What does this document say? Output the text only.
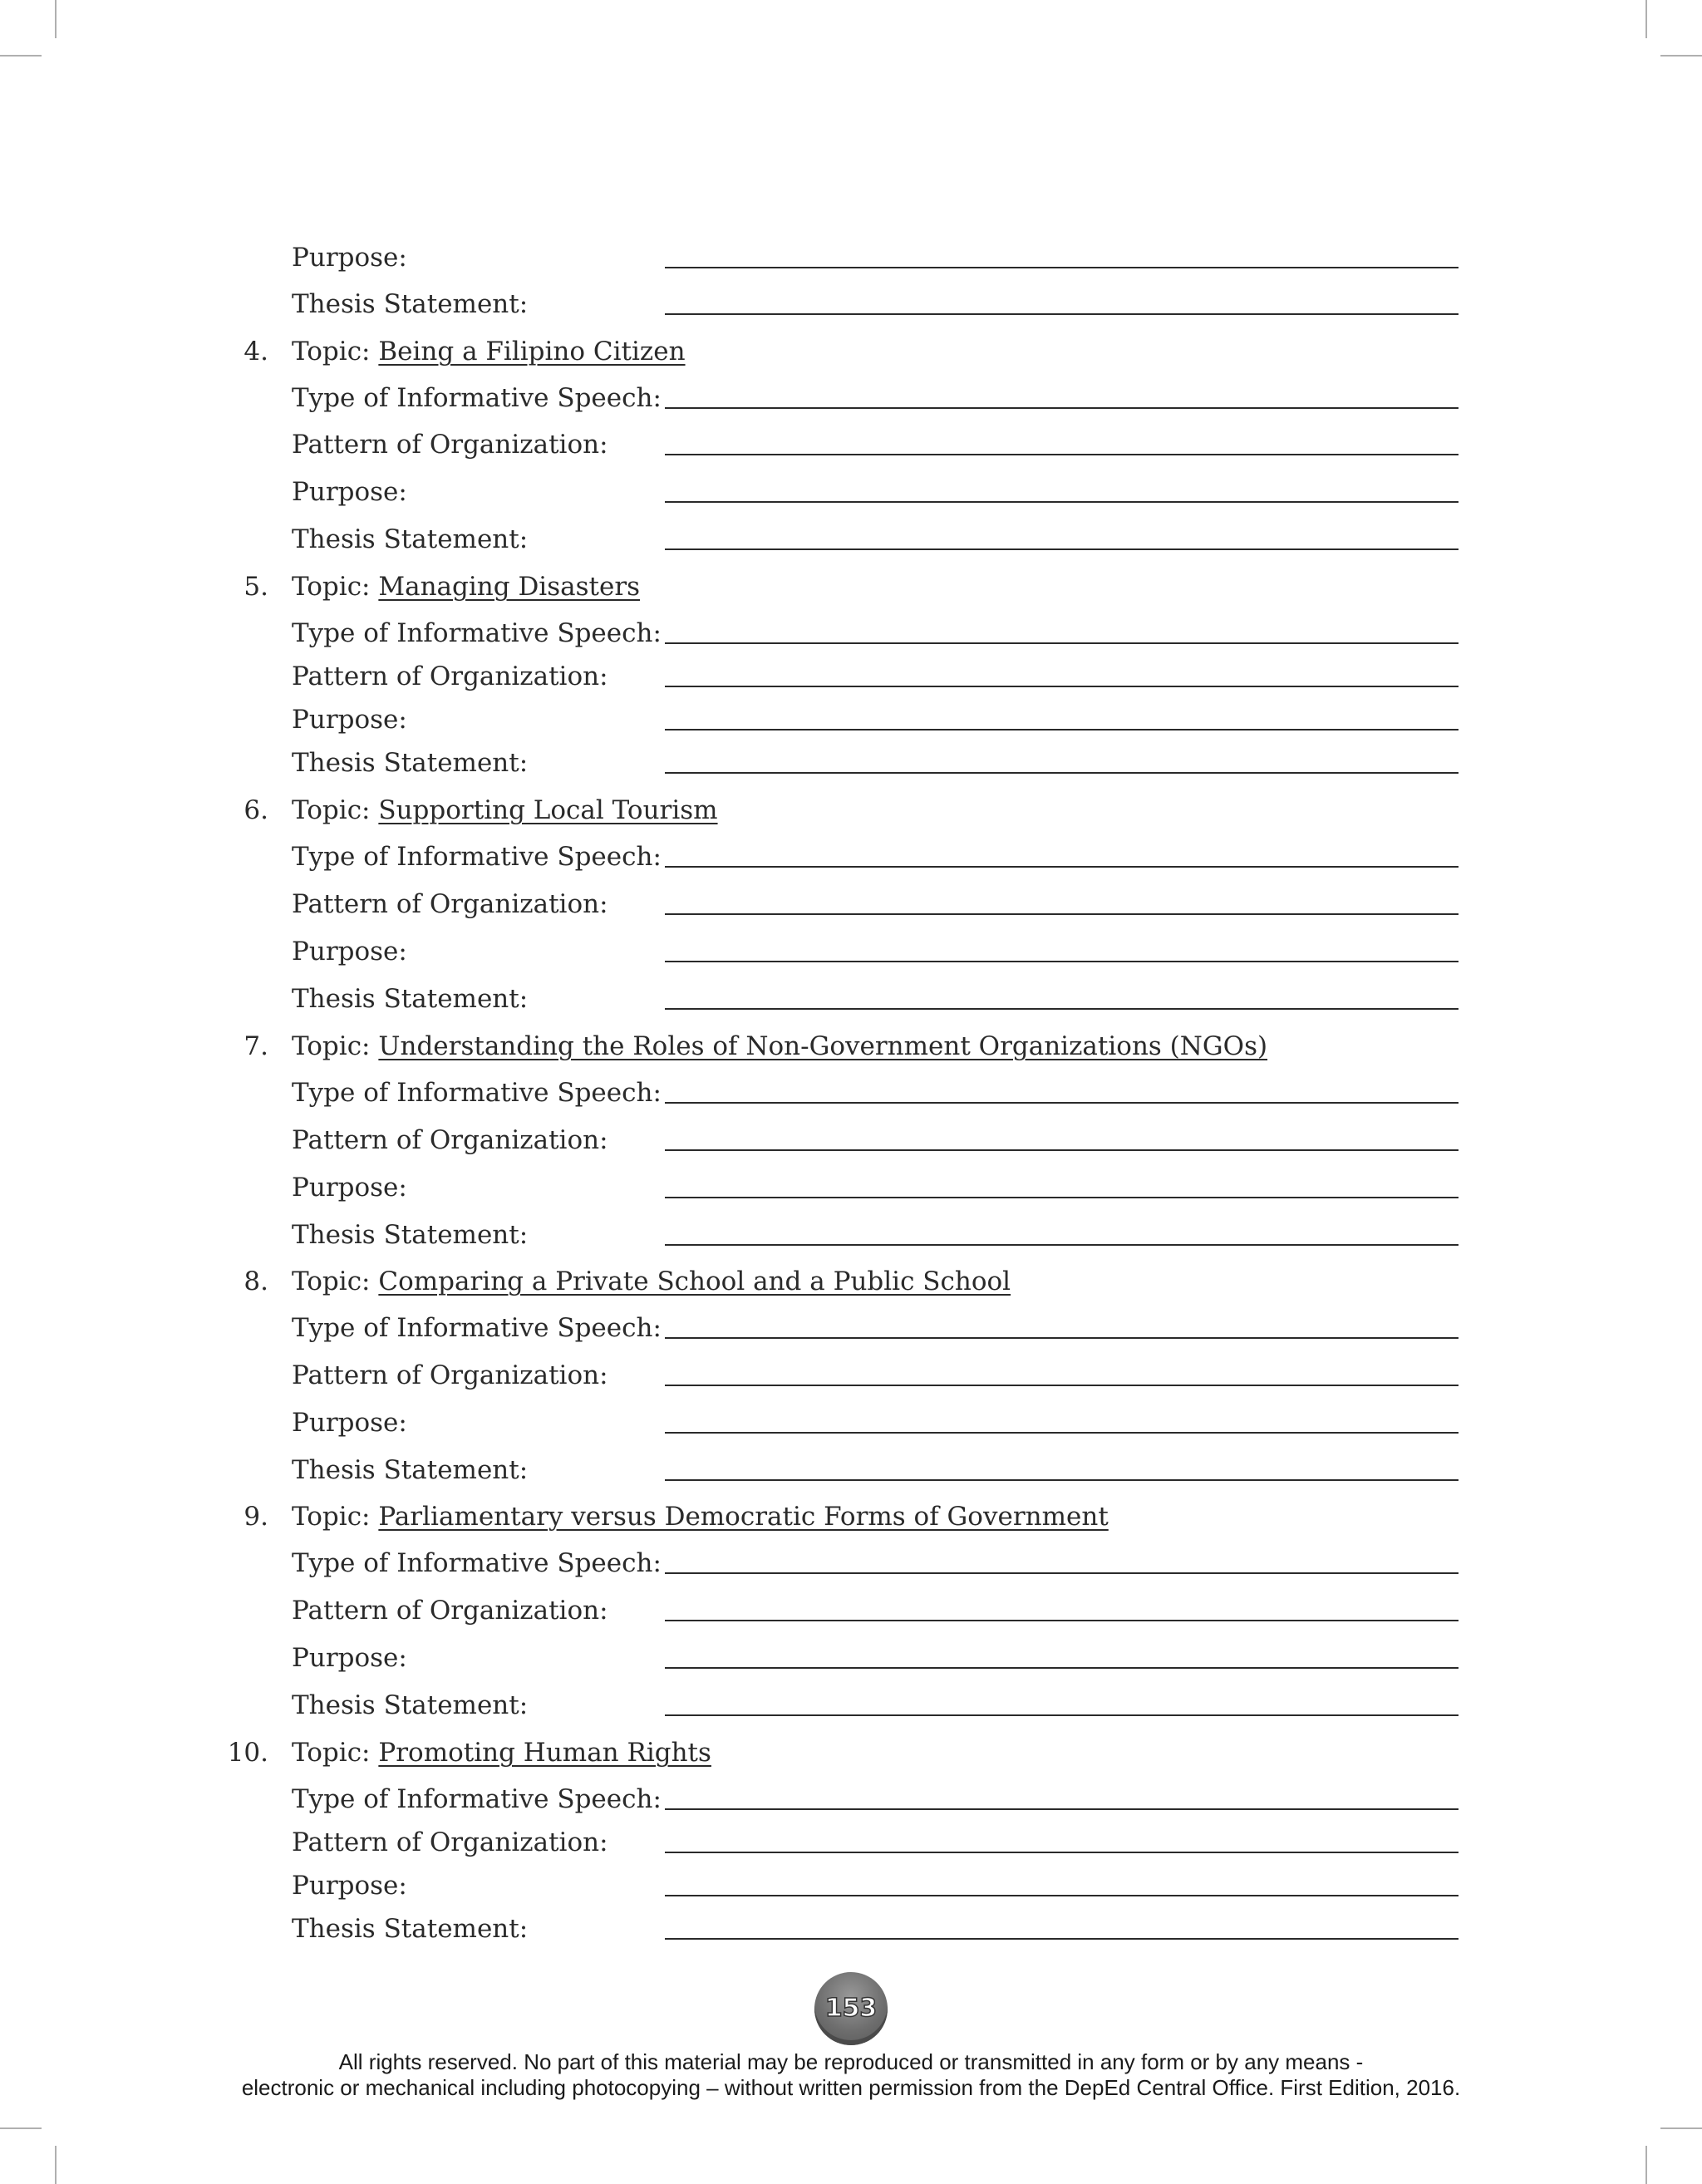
Purpose:
Thesis Statement:
4. Topic: Being a Filipino Citizen
Type of Informative Speech:
Pattern of Organization:
Purpose:
Thesis Statement:
5. Topic: Managing Disasters
Type of Informative Speech:
Pattern of Organization:
Purpose:
Thesis Statement:
6. Topic: Supporting Local Tourism
Type of Informative Speech:
Pattern of Organization:
Purpose:
Thesis Statement:
7. Topic: Understanding the Roles of Non-Government Organizations (NGOs)
Type of Informative Speech:
Pattern of Organization:
Purpose:
Thesis Statement:
8. Topic: Comparing a Private School and a Public School
Type of Informative Speech:
Pattern of Organization:
Purpose:
Thesis Statement:
9. Topic: Parliamentary versus Democratic Forms of Government
Type of Informative Speech:
Pattern of Organization:
Purpose:
Thesis Statement:
10. Topic: Promoting Human Rights
Type of Informative Speech:
Pattern of Organization:
Purpose:
Thesis Statement:
153
All rights reserved. No part of this material may be reproduced or transmitted in any form or by any means -
electronic or mechanical including photocopying – without written permission from the DepEd Central Office. First Edition, 2016.
